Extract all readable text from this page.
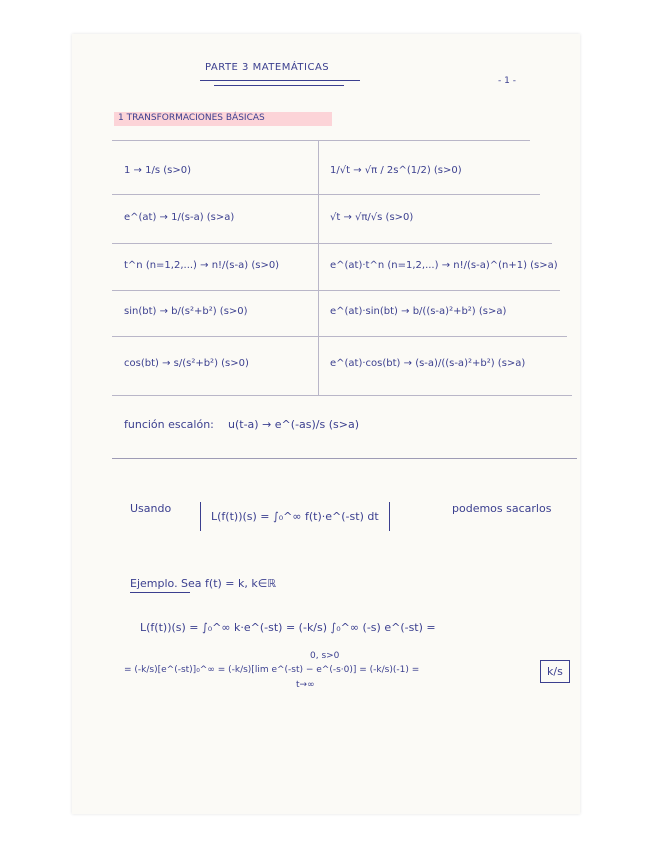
PARTE 3 MATEMÁTICAS
- 1 -
1 TRANSFORMACIONES BÁSICAS
1 → 1/s (s>0)	1/√t → √π / 2s^(1/2) (s>0)
e^(at) → 1/(s-a) (s>a)	√t → √π/√s (s>0)
t^n (n=1,2,...) → n!/(s-a) (s>0)	e^(at)·t^n (n=1,2,...) → n!/(s-a)^(n+1) (s>a)
sin(bt) → b/(s²+b²) (s>0)	e^(at)·sin(bt) → b/((s-a)²+b²) (s>a)
cos(bt) → s/(s²+b²) (s>0)	e^(at)·cos(bt) → (s-a)/((s-a)²+b²) (s>a)
función escalón: u(t-a) → e^(-as)/s (s>a)
Usando
L(f(t))(s) = ∫₀^∞ f(t)·e^(-st) dt
podemos sacarlos
Ejemplo. Sea f(t) = k, k∈ℝ
L(f(t))(s) = ∫₀^∞ k·e^(-st) = (-k/s) ∫₀^∞ (-s) e^(-st) =
0, s>0
t→∞
= (-k/s)[e^(-st)]₀^∞ = (-k/s)[lim e^(-st) − e^(-s·0)] = (-k/s)(-1) =	k/s
